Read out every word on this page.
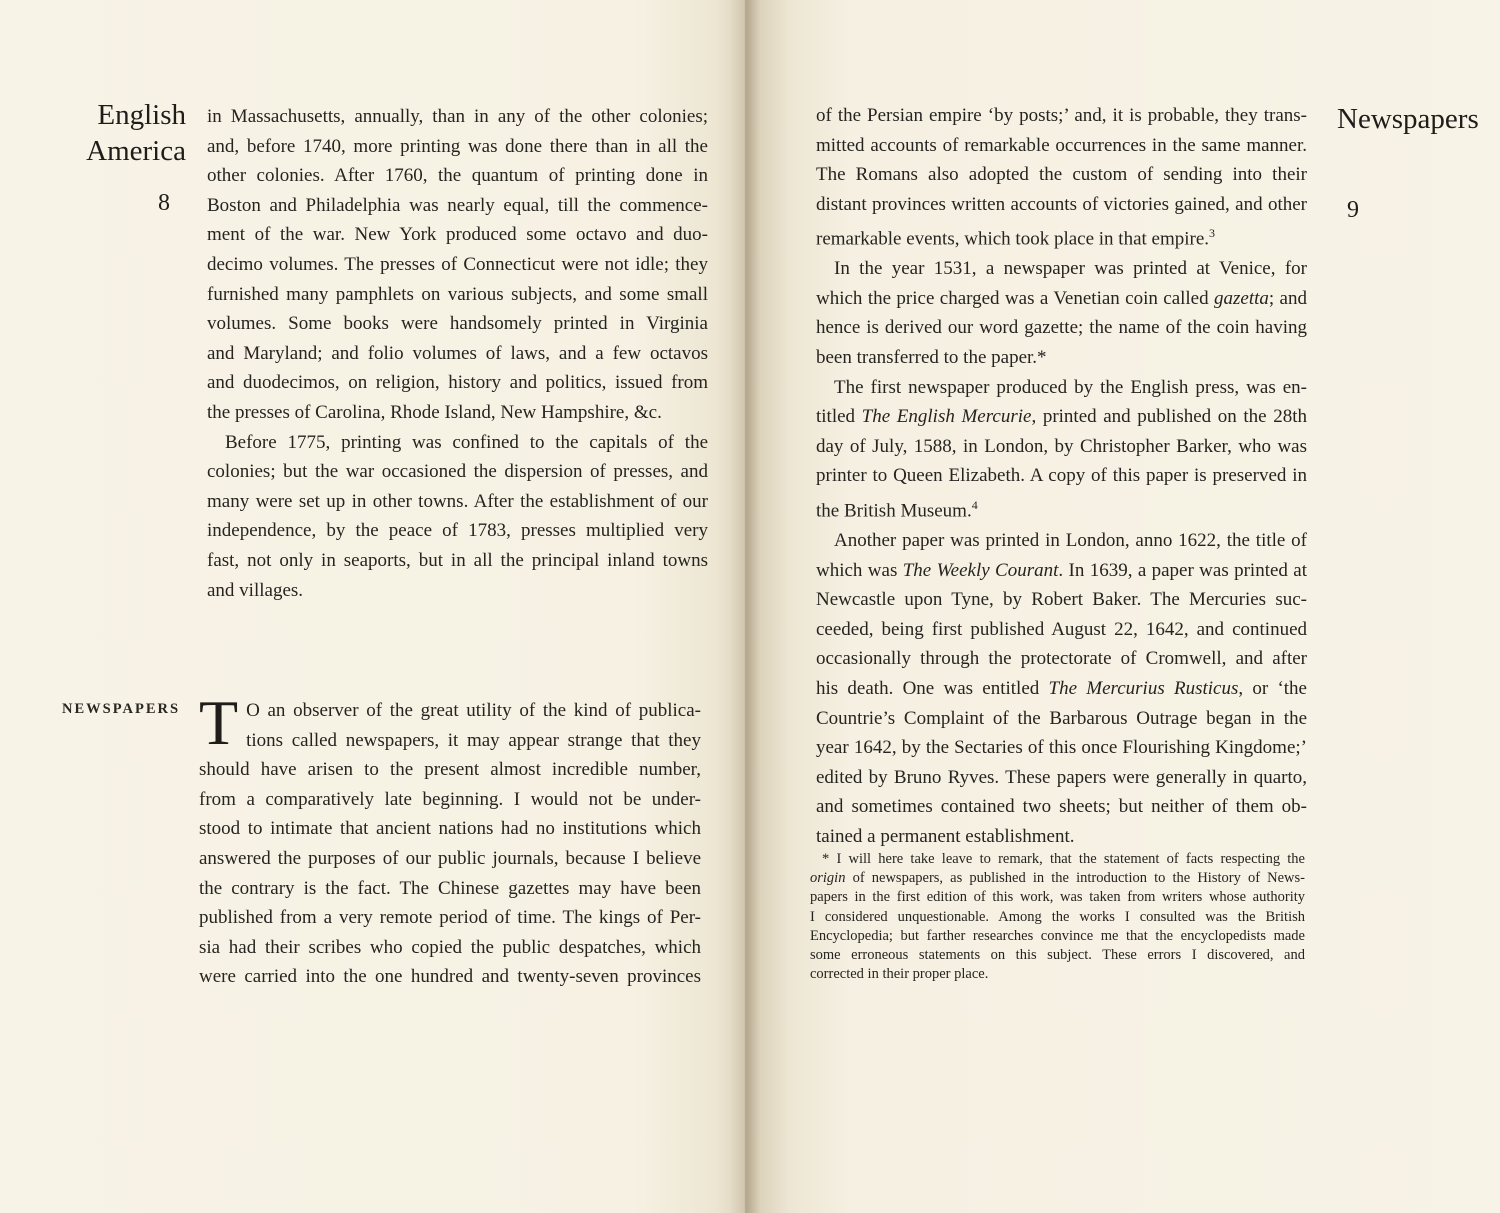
English
America
8
in Massachusetts, annually, than in any of the other colonies;
and, before 1740, more printing was done there than in all the
other colonies. After 1760, the quantum of printing done in
Boston and Philadelphia was nearly equal, till the commence-
ment of the war. New York produced some octavo and duo-
decimo volumes. The presses of Connecticut were not idle; they
furnished many pamphlets on various subjects, and some small
volumes. Some books were handsomely printed in Virginia
and Maryland; and folio volumes of laws, and a few octavos
and duodecimos, on religion, history and politics, issued from
the presses of Carolina, Rhode Island, New Hampshire, &c.
Before 1775, printing was confined to the capitals of the
colonies; but the war occasioned the dispersion of presses, and
many were set up in other towns. After the establishment of our
independence, by the peace of 1783, presses multiplied very
fast, not only in seaports, but in all the principal inland towns
and villages.
NEWSPAPERS T O an observer of the great utility of the kind of publica-
tions called newspapers, it may appear strange that they
should have arisen to the present almost incredible number,
from a comparatively late beginning. I would not be under-
stood to intimate that ancient nations had no institutions which
answered the purposes of our public journals, because I believe
the contrary is the fact. The Chinese gazettes may have been
published from a very remote period of time. The kings of Per-
sia had their scribes who copied the public despatches, which
were carried into the one hundred and twenty-seven provinces
Newspapers
9
of the Persian empire ‘by posts;’ and, it is probable, they trans-
mitted accounts of remarkable occurrences in the same manner.
The Romans also adopted the custom of sending into their
distant provinces written accounts of victories gained, and other
remarkable events, which took place in that empire.$^3$
In the year 1531, a newspaper was printed at Venice, for
which the price charged was a Venetian coin called gazetta; and
hence is derived our word gazette; the name of the coin having
been transferred to the paper.*
The first newspaper produced by the English press, was en-
titled The English Mercurie, printed and published on the 28th
day of July, 1588, in London, by Christopher Barker, who was
printer to Queen Elizabeth. A copy of this paper is preserved in
the British Museum.$^4$
Another paper was printed in London, anno 1622, the title of
which was The Weekly Courant. In 1639, a paper was printed at
Newcastle upon Tyne, by Robert Baker. The Mercuries suc-
ceeded, being first published August 22, 1642, and continued
occasionally through the protectorate of Cromwell, and after
his death. One was entitled The Mercurius Rusticus, or ‘the
Countrie’s Complaint of the Barbarous Outrage began in the
year 1642, by the Sectaries of this once Flourishing Kingdome;’
edited by Bruno Ryves. These papers were generally in quarto,
and sometimes contained two sheets; but neither of them ob-
tained a permanent establishment.
* I will here take leave to remark, that the statement of facts respecting the
origin of newspapers, as published in the introduction to the History of News-
papers in the first edition of this work, was taken from writers whose authority
I considered unquestionable. Among the works I consulted was the British
Encyclopedia; but farther researches convince me that the encyclopedists made
some erroneous statements on this subject. These errors I discovered, and
corrected in their proper place.
